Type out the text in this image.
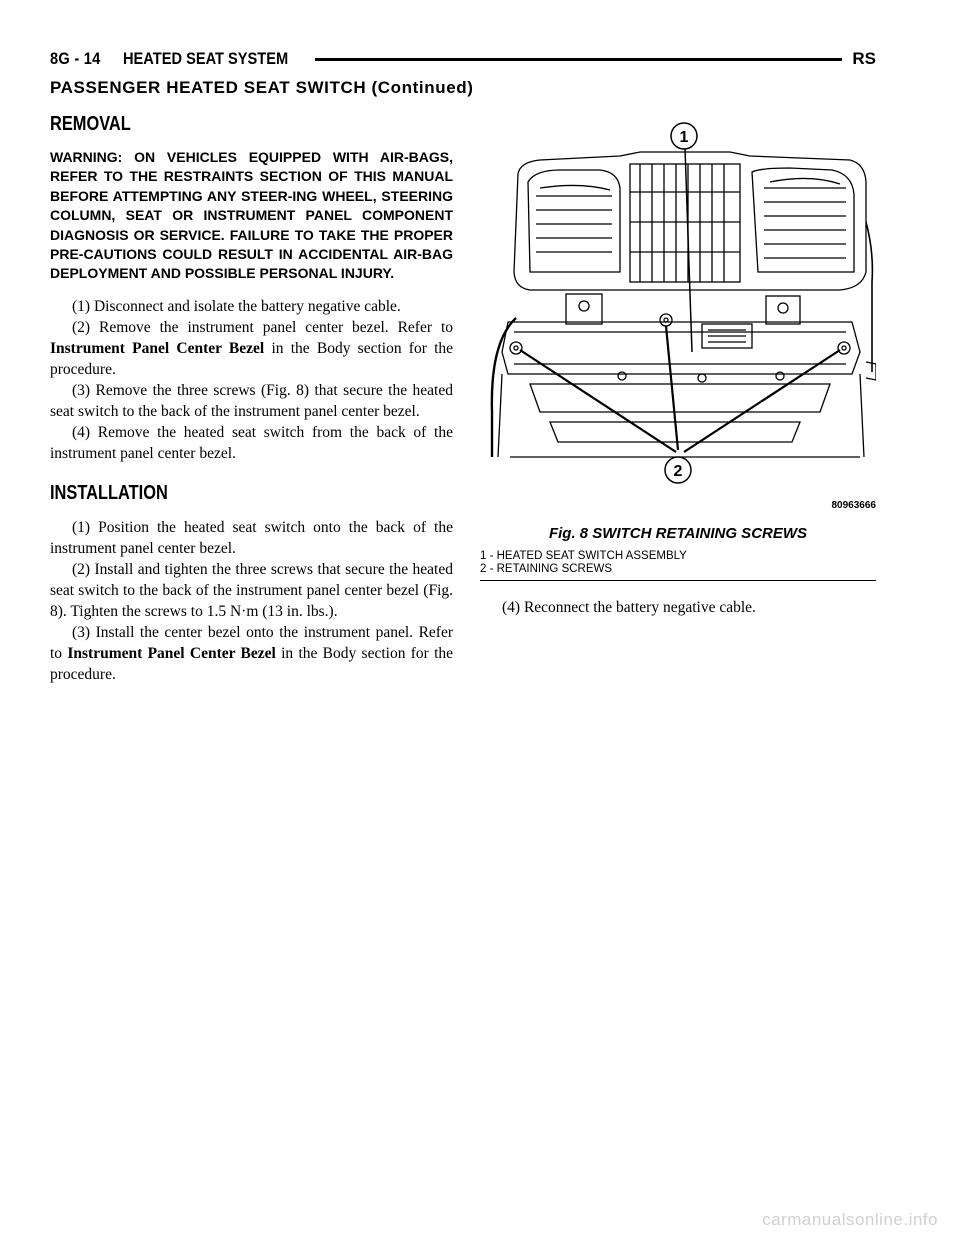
8G - 14 HEATED SEAT SYSTEM	RS
PASSENGER HEATED SEAT SWITCH (Continued)
REMOVAL
WARNING: ON VEHICLES EQUIPPED WITH AIR-BAGS, REFER TO THE RESTRAINTS SECTION OF THIS MANUAL BEFORE ATTEMPTING ANY STEER-ING WHEEL, STEERING COLUMN, SEAT OR INSTRUMENT PANEL COMPONENT DIAGNOSIS OR SERVICE. FAILURE TO TAKE THE PROPER PRE-CAUTIONS COULD RESULT IN ACCIDENTAL AIR-BAG DEPLOYMENT AND POSSIBLE PERSONAL INJURY.

(1) Disconnect and isolate the battery negative cable.

(2) Remove the instrument panel center bezel. Refer to Instrument Panel Center Bezel in the Body section for the procedure.

(3) Remove the three screws (Fig. 8) that secure the heated seat switch to the back of the instrument panel center bezel.

(4) Remove the heated seat switch from the back of the instrument panel center bezel.

INSTALLATION

(1) Position the heated seat switch onto the back of the instrument panel center bezel.

(2) Install and tighten the three screws that secure the heated seat switch to the back of the instrument panel center bezel (Fig. 8). Tighten the screws to 1.5 N·m (13 in. lbs.).

(3) Install the center bezel onto the instrument panel. Refer to Instrument Panel Center Bezel in the Body section for the procedure.

1
2
80963666
Fig. 8 SWITCH RETAINING SCREWS
1 - HEATED SEAT SWITCH ASSEMBLY
2 - RETAINING SCREWS

(4) Reconnect the battery negative cable.

carmanualsonline.info
